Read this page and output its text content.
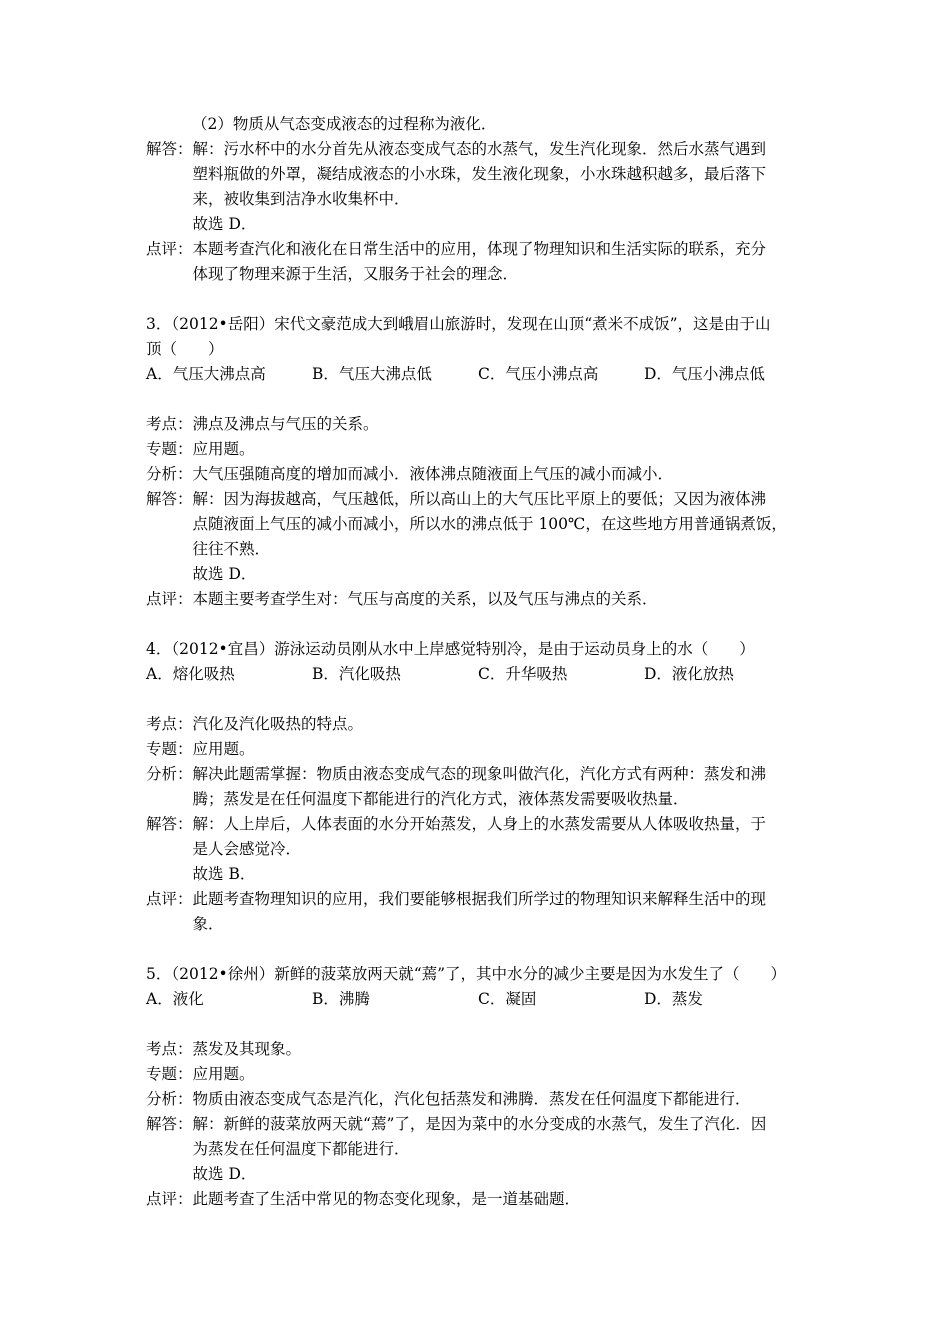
（2）物质从气态变成液态的过程称为液化．
解答： 解：污水杯中的水分首先从液态变成气态的水蒸气，发生汽化现象．然后水蒸气遇到
塑料瓶做的外罩，凝结成液态的小水珠，发生液化现象，小水珠越积越多，最后落下
来，被收集到洁净水收集杯中．
故选 D．
点评： 本题考查汽化和液化在日常生活中的应用，体现了物理知识和生活实际的联系，充分
体现了物理来源于生活，又服务于社会的理念．
3．（2012•岳阳）宋代文豪范成大到峨眉山旅游时，发现在山顶“煮米不成饭”，这是由于山
顶（　　）
A．气压大沸点高	B．气压大沸点低	C．气压小沸点高	D．气压小沸点低
考点： 沸点及沸点与气压的关系。
专题： 应用题。
分析： 大气压强随高度的增加而减小．液体沸点随液面上气压的减小而减小．
解答： 解：因为海拔越高，气压越低，所以高山上的大气压比平原上的要低；又因为液体沸
点随液面上气压的减小而减小，所以水的沸点低于 100℃，在这些地方用普通锅煮饭，
往往不熟．
故选 D．
点评： 本题主要考查学生对：气压与高度的关系，以及气压与沸点的关系．
4．（2012•宜昌）游泳运动员刚从水中上岸感觉特别冷，是由于运动员身上的水（　　）
A．熔化吸热	B．汽化吸热	C．升华吸热	D．液化放热
考点： 汽化及汽化吸热的特点。
专题： 应用题。
分析： 解决此题需掌握：物质由液态变成气态的现象叫做汽化，汽化方式有两种：蒸发和沸
腾；蒸发是在任何温度下都能进行的汽化方式，液体蒸发需要吸收热量．
解答： 解：人上岸后，人体表面的水分开始蒸发，人身上的水蒸发需要从人体吸收热量，于
是人会感觉冷．
故选 B．
点评： 此题考查物理知识的应用，我们要能够根据我们所学过的物理知识来解释生活中的现
象．
5．（2012•徐州）新鲜的菠菜放两天就“蔫”了，其中水分的减少主要是因为水发生了（　　）
A．液化	B．沸腾	C．凝固	D．蒸发
考点： 蒸发及其现象。
专题： 应用题。
分析： 物质由液态变成气态是汽化，汽化包括蒸发和沸腾．蒸发在任何温度下都能进行．
解答： 解：新鲜的菠菜放两天就“蔫”了，是因为菜中的水分变成的水蒸气，发生了汽化．因
为蒸发在任何温度下都能进行．
故选 D．
点评： 此题考查了生活中常见的物态变化现象，是一道基础题．
